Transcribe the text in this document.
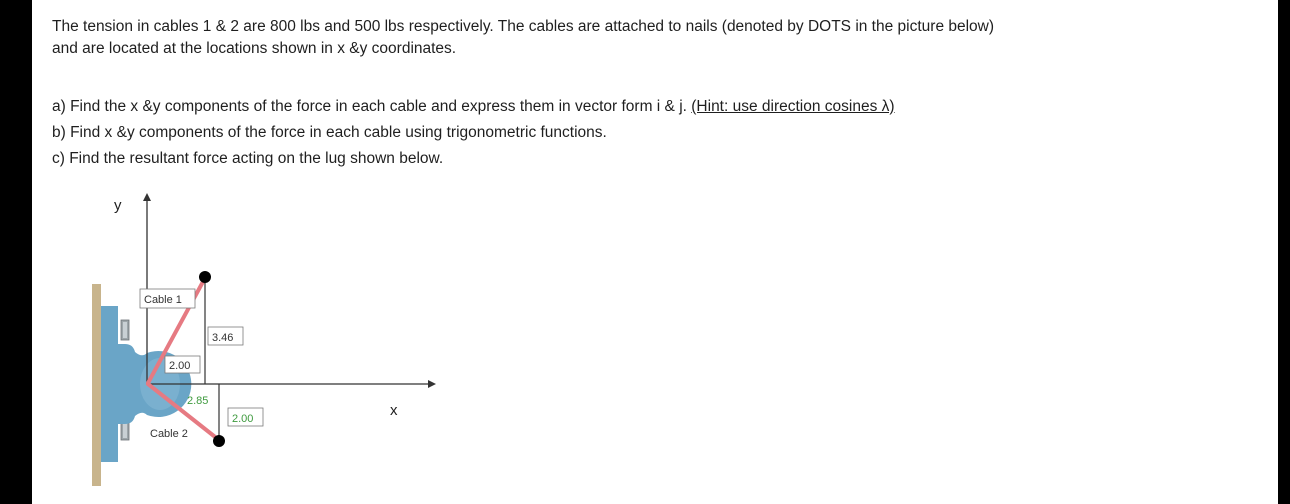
The tension in cables 1 & 2 are 800 lbs and 500 lbs respectively. The cables are attached to nails (denoted by DOTS in the picture below)

and are located at the locations shown in x &y coordinates.

a) Find the x &y components of the force in each cable and express them in vector form i & j. (Hint: use direction cosines λ)

b) Find x &y components of the force in each cable using trigonometric functions.

c) Find the resultant force acting on the lug shown below.

y
x
Cable 1
2.00
3.46
2.85
2.00
Cable 2
